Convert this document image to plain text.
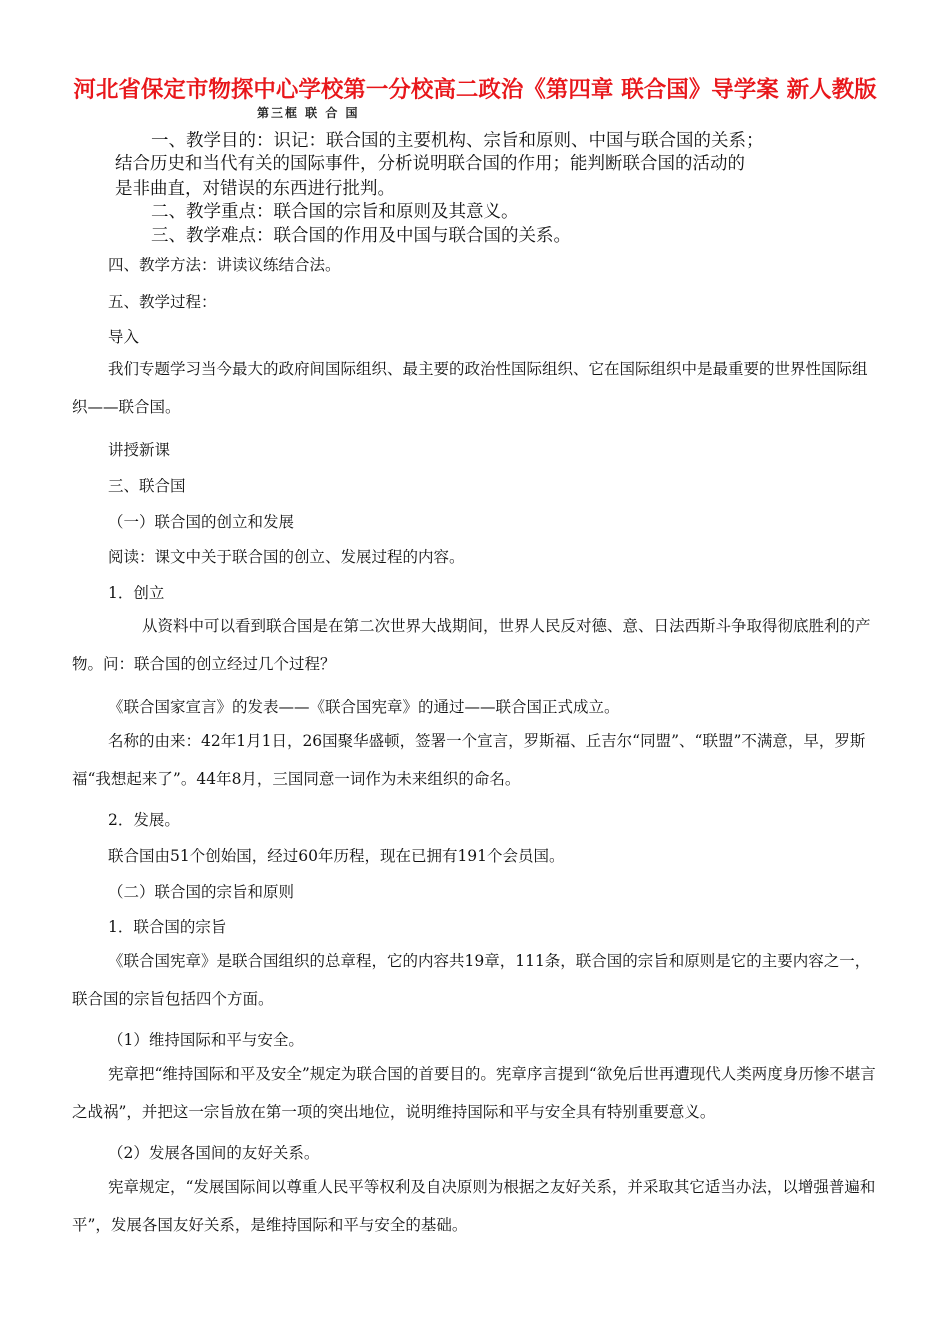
河北省保定市物探中心学校第一分校高二政治《第四章 联合国》导学案 新人教版
第三框 联 合 国
一、教学目的：识记：联合国的主要机构、宗旨和原则、中国与联合国的关系；
结合历史和当代有关的国际事件，分析说明联合国的作用；能判断联合国的活动的
是非曲直，对错误的东西进行批判。
二、教学重点：联合国的宗旨和原则及其意义。
三、教学难点：联合国的作用及中国与联合国的关系。
四、教学方法：讲读议练结合法。
五、教学过程：
导入
我们专题学习当今最大的政府间国际组织、最主要的政治性国际组织、它在国际组织中是最重要的世界性国际组织——联合国。
讲授新课
三、联合国
（一）联合国的创立和发展
阅读：课文中关于联合国的创立、发展过程的内容。
1．创立
从资料中可以看到联合国是在第二次世界大战期间，世界人民反对德、意、日法西斯斗争取得彻底胜利的产物。问：联合国的创立经过几个过程？
《联合国家宣言》的发表——《联合国宪章》的通过——联合国正式成立。
名称的由来：42年1月1日，26国聚华盛顿，签署一个宣言，罗斯福、丘吉尔“同盟”、“联盟”不满意，早，罗斯福“我想起来了”。44年8月，三国同意一词作为未来组织的命名。
2．发展。
联合国由51个创始国，经过60年历程，现在已拥有191个会员国。
（二）联合国的宗旨和原则
1．联合国的宗旨
《联合国宪章》是联合国组织的总章程，它的内容共19章，111条，联合国的宗旨和原则是它的主要内容之一，联合国的宗旨包括四个方面。
（1）维持国际和平与安全。
宪章把“维持国际和平及安全”规定为联合国的首要目的。宪章序言提到“欲免后世再遭现代人类两度身历惨不堪言之战祸”，并把这一宗旨放在第一项的突出地位，说明维持国际和平与安全具有特别重要意义。
（2）发展各国间的友好关系。
宪章规定，“发展国际间以尊重人民平等权利及自决原则为根据之友好关系，并采取其它适当办法，以增强普遍和平”，发展各国友好关系，是维持国际和平与安全的基础。
